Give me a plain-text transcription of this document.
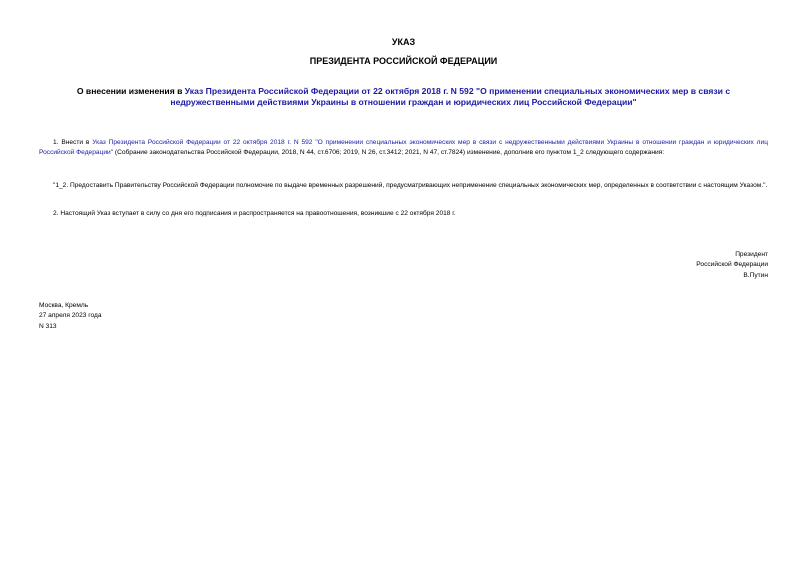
УКАЗ
ПРЕЗИДЕНТА РОССИЙСКОЙ ФЕДЕРАЦИИ
О внесении изменения в Указ Президента Российской Федерации от 22 октября 2018 г. N 592 "О применении специальных экономических мер в связи с недружественными действиями Украины в отношении граждан и юридических лиц Российской Федерации"
1. Внести в Указ Президента Российской Федерации от 22 октября 2018 г. N 592 "О применении специальных экономических мер в связи с недружественными действиями Украины в отношении граждан и юридических лиц Российской Федерации" (Собрание законодательства Российской Федерации, 2018, N 44, ст.6706; 2019, N 26, ст.3412; 2021, N 47, ст.7824) изменение, дополнив его пунктом 1_2 следующего содержания:
"1_2. Предоставить Правительству Российской Федерации полномочие по выдаче временных разрешений, предусматривающих неприменение специальных экономических мер, определенных в соответствии с настоящим Указом.".
2. Настоящий Указ вступает в силу со дня его подписания и распространяется на правоотношения, возникшие с 22 октября 2018 г.
Президент
Российской Федерации
В.Путин
Москва, Кремль
27 апреля 2023 года
N 313
